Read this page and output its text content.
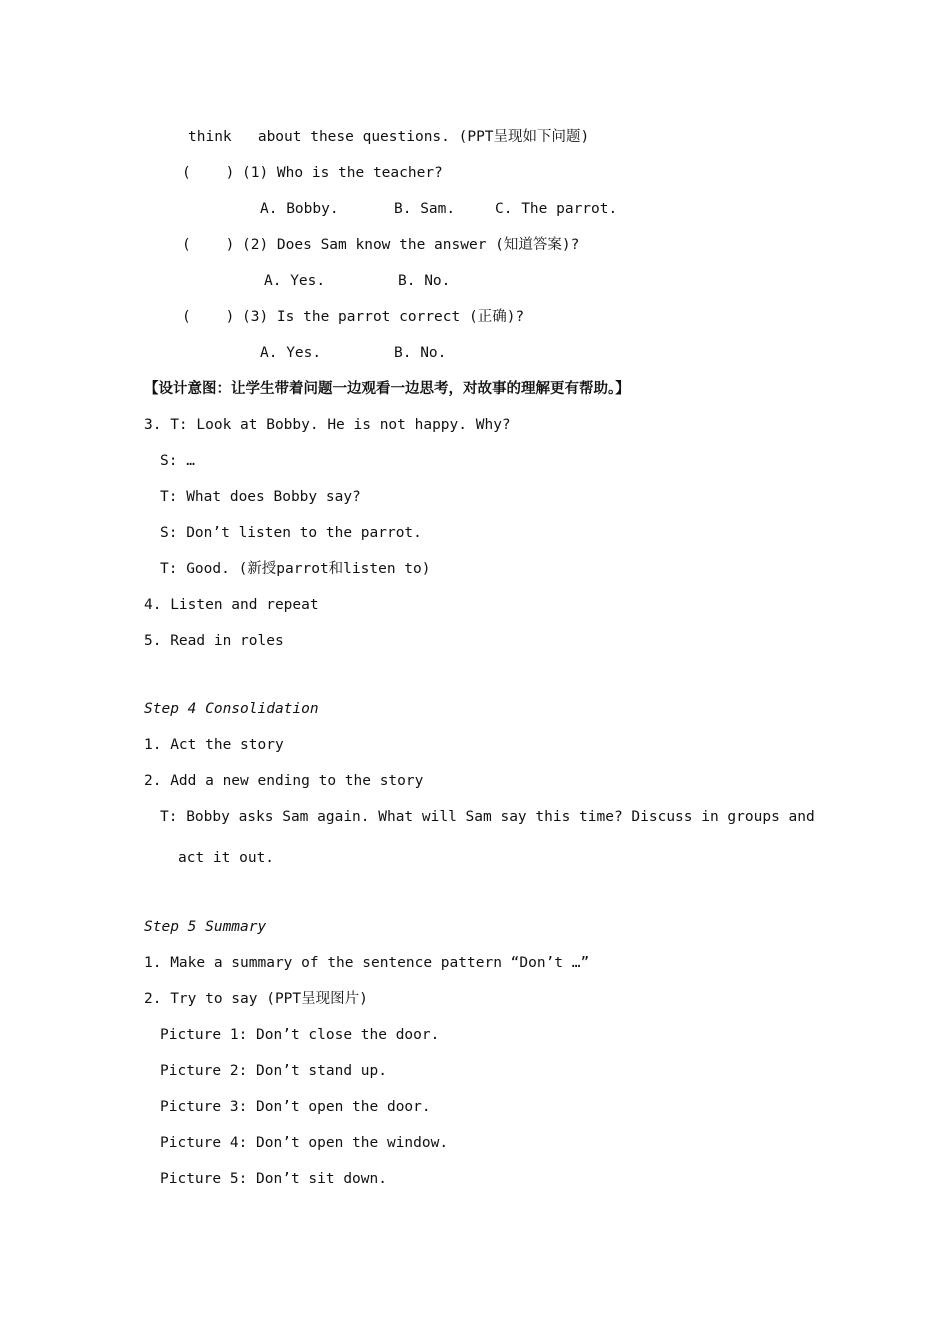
think   about these questions. (PPT呈现如下问题)
(    ) (1) Who is the teacher?
A. Bobby.	B. Sam.	C. The parrot.
(    ) (2) Does Sam know the answer (知道答案)?
A. Yes.	B. No.
(    ) (3) Is the parrot correct (正确)?
A. Yes.	B. No.
【设计意图：让学生带着问题一边观看一边思考，对故事的理解更有帮助。】
3. T: Look at Bobby. He is not happy. Why?
S: …
T: What does Bobby say?
S: Don’t listen to the parrot.
T: Good. (新授parrot和listen to)
4. Listen and repeat
5. Read in roles
Step 4 Consolidation
1. Act the story
2. Add a new ending to the story
T: Bobby asks Sam again. What will Sam say this time? Discuss in groups and
act it out.
Step 5 Summary
1. Make a summary of the sentence pattern “Don’t …”
2. Try to say (PPT呈现图片)
Picture 1: Don’t close the door.
Picture 2: Don’t stand up.
Picture 3: Don’t open the door.
Picture 4: Don’t open the window.
Picture 5: Don’t sit down.
